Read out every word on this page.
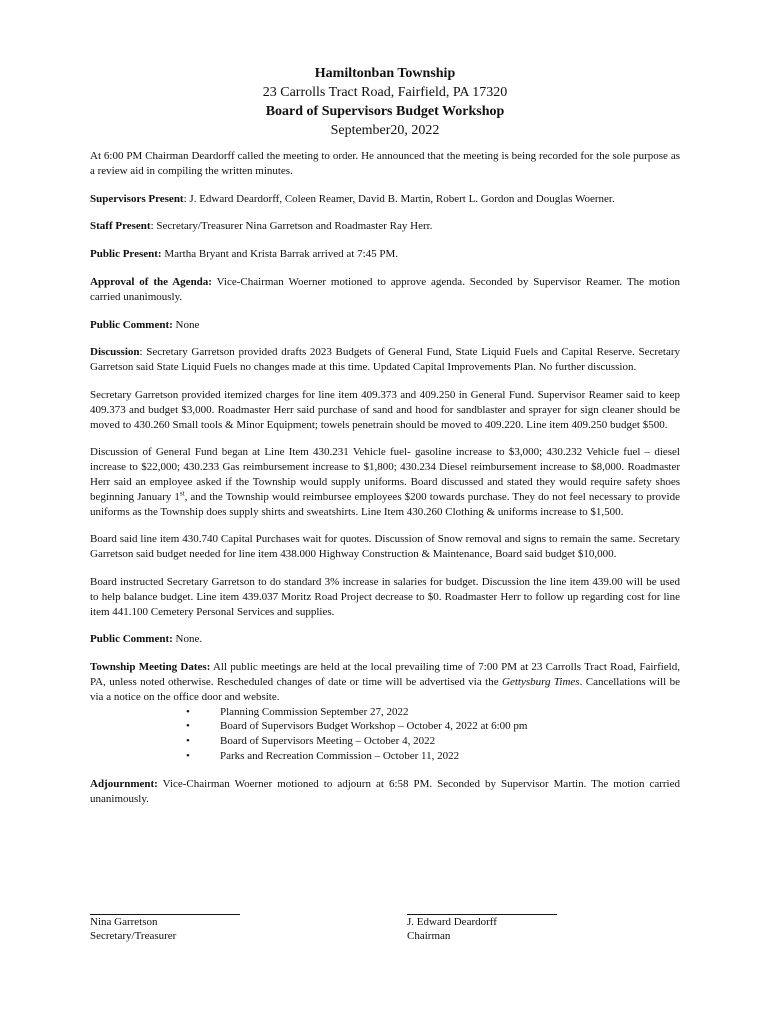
Hamiltonban Township
23 Carrolls Tract Road, Fairfield, PA 17320
Board of Supervisors Budget Workshop
September20, 2022

At 6:00 PM Chairman Deardorff called the meeting to order. He announced that the meeting is being recorded for the sole purpose as a review aid in compiling the written minutes.

Supervisors Present: J. Edward Deardorff, Coleen Reamer, David B. Martin, Robert L. Gordon and Douglas Woerner.

Staff Present: Secretary/Treasurer Nina Garretson and Roadmaster Ray Herr.

Public Present: Martha Bryant and Krista Barrak arrived at 7:45 PM.

Approval of the Agenda: Vice-Chairman Woerner motioned to approve agenda. Seconded by Supervisor Reamer. The motion carried unanimously.

Public Comment: None

Discussion: Secretary Garretson provided drafts 2023 Budgets of General Fund, State Liquid Fuels and Capital Reserve. Secretary Garretson said State Liquid Fuels no changes made at this time. Updated Capital Improvements Plan. No further discussion.

Secretary Garretson provided itemized charges for line item 409.373 and 409.250 in General Fund. Supervisor Reamer said to keep 409.373 and budget $3,000. Roadmaster Herr said purchase of sand and hood for sandblaster and sprayer for sign cleaner should be moved to 430.260 Small tools & Minor Equipment; towels penetrain should be moved to 409.220. Line item 409.250 budget $500.

Discussion of General Fund began at Line Item 430.231 Vehicle fuel- gasoline increase to $3,000; 430.232 Vehicle fuel – diesel increase to $22,000; 430.233 Gas reimbursement increase to $1,800; 430.234 Diesel reimbursement increase to $8,000. Roadmaster Herr said an employee asked if the Township would supply uniforms. Board discussed and stated they would require safety shoes beginning January 1st, and the Township would reimbursee employees $200 towards purchase. They do not feel necessary to provide uniforms as the Township does supply shirts and sweatshirts. Line Item 430.260 Clothing & uniforms increase to $1,500.

Board said line item 430.740 Capital Purchases wait for quotes. Discussion of Snow removal and signs to remain the same. Secretary Garretson said budget needed for line item 438.000 Highway Construction & Maintenance, Board said budget $10,000.

Board instructed Secretary Garretson to do standard 3% increase in salaries for budget. Discussion the line item 439.00 will be used to help balance budget. Line item 439.037 Moritz Road Project decrease to $0. Roadmaster Herr to follow up regarding cost for line item 441.100 Cemetery Personal Services and supplies.

Public Comment: None.

Township Meeting Dates: All public meetings are held at the local prevailing time of 7:00 PM at 23 Carrolls Tract Road, Fairfield, PA, unless noted otherwise. Rescheduled changes of date or time will be advertised via the Gettysburg Times. Cancellations will be via a notice on the office door and website.

•	Planning Commission September 27, 2022
•	Board of Supervisors Budget Workshop – October 4, 2022 at 6:00 pm
•	Board of Supervisors Meeting – October 4, 2022
•	Parks and Recreation Commission – October 11, 2022

Adjournment: Vice-Chairman Woerner motioned to adjourn at 6:58 PM. Seconded by Supervisor Martin. The motion carried unanimously.

Nina Garretson
Secretary/Treasurer
J. Edward Deardorff
Chairman
